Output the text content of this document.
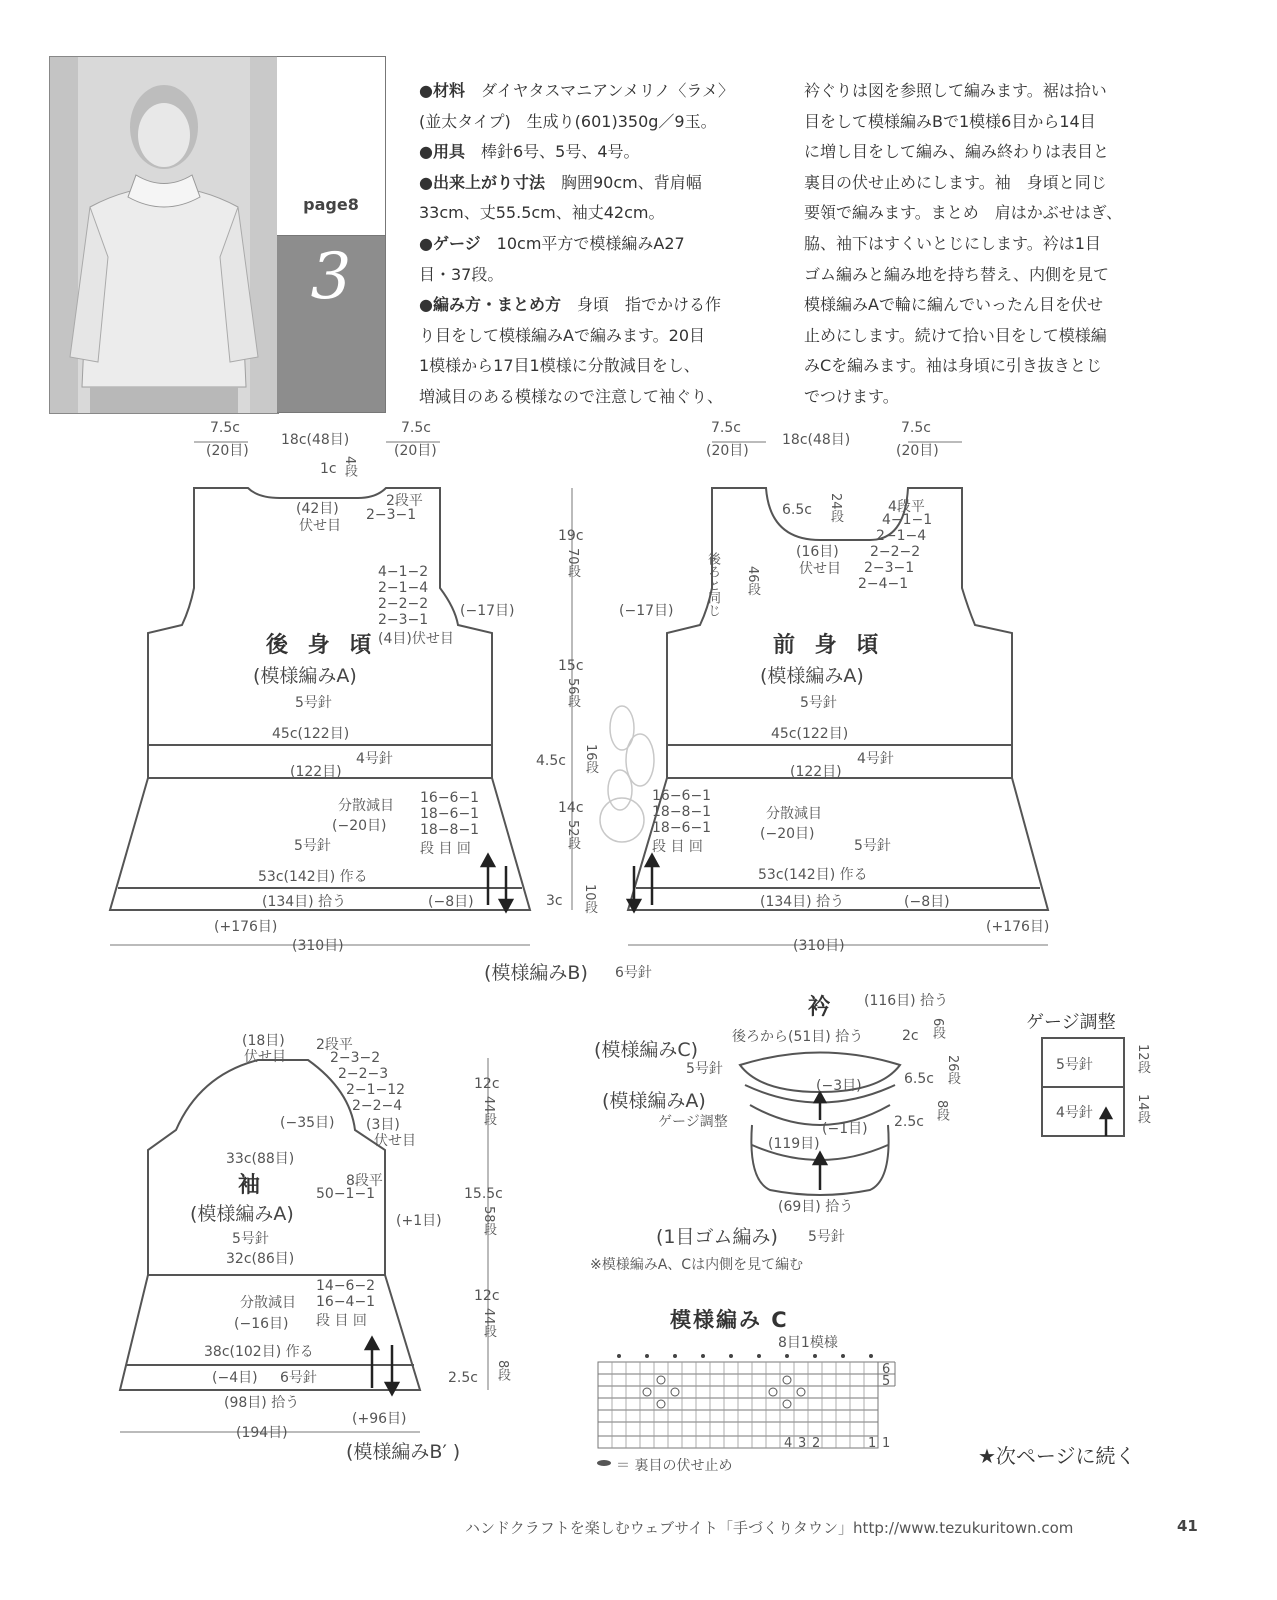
page8
3

●材料　 ダイヤタスマニアンメリノ〈ラメ〉

(並太タイプ)　生成り(601)350g／9玉。

●用具　 棒針6号、5号、4号。

●出来上がり寸法　 胸囲90cm、背肩幅

33cm、丈55.5cm、袖丈42cm。

●ゲージ　 10cm平方で模様編みA27

目・37段。

●編み方・まとめ方　 身頃　指でかける作

り目をして模様編みAで編みます。20目

1模様から17目1模様に分散減目をし、

増減目のある模様なので注意して袖ぐり、

衿ぐりは図を参照して編みます。裾は拾い

目をして模様編みBで1模様6目から14目

に増し目をして編み、編み終わりは表目と

裏目の伏せ止めにします。袖　身頃と同じ

要領で編みます。まとめ　肩はかぶせはぎ、

脇、袖下はすくいとじにします。衿は1目

ゴム編みと編み地を持ち替え、内側を見て

模様編みAで輪に編んでいったん目を伏せ

止めにします。続けて拾い目をして模様編

みCを編みます。袖は身頃に引き抜きとじ

でつけます。

7.5c
(20目)
18c(48目)
7.5c
(20目)
1c 4段
(42目)
伏せ目
2段平
2−3−1
4−1−2
2−1−4
2−2−2
2−3−1
(4目)伏せ目
(−17目)
後 身 頃
(模様編みA)
5号針
45c(122目)
4号針
(122目)
分散減目
(−20目)
16−6−1
18−6−1
18−8−1
段 目 回
5号針
53c(142目) 作る
(134目) 拾う	(−8目)
(+176目)
(310目)
19c
70段
15c
56段
4.5c 16段
14c
52段
3c 10段
(模様編みB) 6号針
7.5c
(20目)
18c(48目)
7.5c
(20目)
6.5c 24段	4段平
4−1−1
2−1−4
2−2−2
2−3−1
2−4−1
(16目)
伏せ目
46段
後ろと同じ
(−17目)
前 身 頃
(模様編みA)
5号針
45c(122目)
4号針
(122目)
16−6−1
18−8−1
18−6−1
段 目 回
分散減目
(−20目)
5号針
53c(142目) 作る
(134目) 拾う	(−8目)
(+176目)
(310目)
(18目)
伏せ目
2段平
2−3−2
2−2−3
2−1−12
2−2−4
(3目)
伏せ目
(−35目)
33c(88目)
袖
(模様編みA)
8段平
50−1−1
(+1目)
5号針
32c(86目)
分散減目
(−16目)
14−6−2
16−4−1
段 目 回
38c(102目) 作る
(−4目) 6号針
(98目) 拾う
(+96目)
(194目)
(模様編みB′ )
12c
44段
15.5c
58段
12c
44段
2.5c 8段
衿 (116目) 拾う
後ろから(51目) 拾う
(模様編みC)
5号針
(模様編みA)
ゲージ調整
(−3目)
(−1目)
(119目)
(69目) 拾う
(1目ゴム編み) 5号針
2c 6段
6.5c 26段
2.5c
8段
※模様編みA、Cは内側を見て編む
ゲージ調整
5号針
4号針
12段
14段
模様編み C
8目1模様
6
5
4 3 2	1 1
＝ 裏目の伏せ止め	★次ページに続く
ハンドクラフトを楽しむウェブサイト「手づくりタウン」http://www.tezukuritown.com	41
